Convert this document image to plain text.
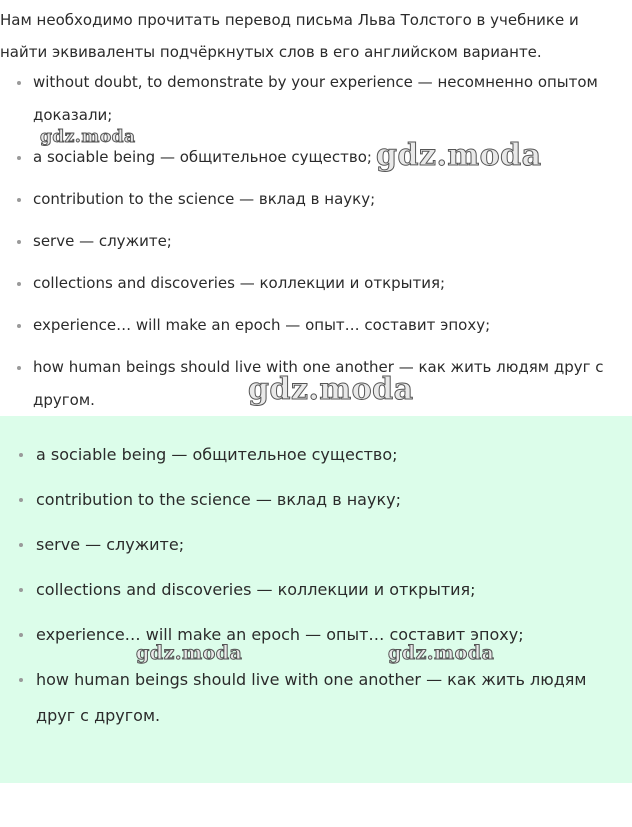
Нам необходимо прочитать перевод письма Льва Толстого в учебнике и найти эквиваленты подчёркнутых слов в его английском варианте.

without doubt, to demonstrate by your experience — несомненно опытом доказали;
a sociable being — общительное существо;
contribution to the science — вклад в науку;
serve — служите;
collections and discoveries — коллекции и открытия;
experience… will make an epoch — опыт… составит эпоху;
how human beings should live with one another — как жить людям друг с другом.
a sociable being — общительное существо;
contribution to the science — вклад в науку;
serve — служите;
collections and discoveries — коллекции и открытия;
experience… will make an epoch — опыт… составит эпоху;
how human beings should live with one another — как жить людям друг с другом.
gdz.moda
gdz.moda
gdz.moda
gdz.moda	gdz.moda
